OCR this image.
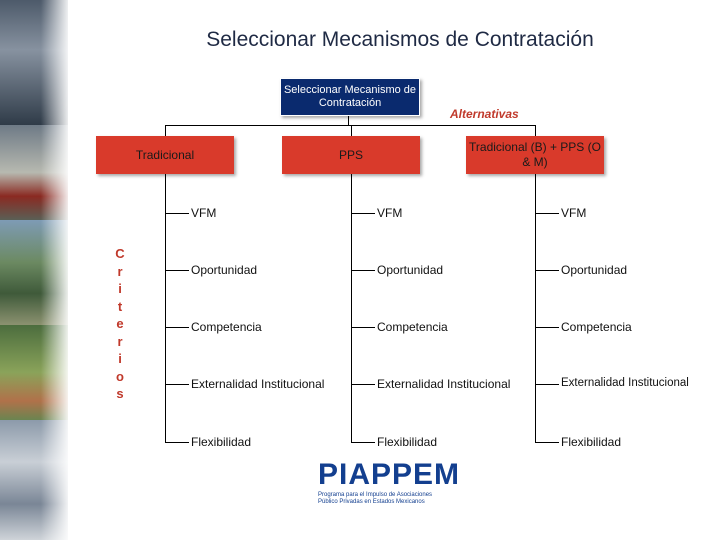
Seleccionar Mecanismos de Contratación
Seleccionar Mecanismo de Contratación
Alternativas
Tradicional	PPS
Tradicional (B) + PPS (O & M)
C
r
i
t
e
r
i
o
s
VFM
Oportunidad
Competencia
Externalidad Institucional
Flexibilidad
VFM
Oportunidad
Competencia
Externalidad Institucional
Flexibilidad
VFM
Oportunidad
Competencia
Externalidad Institucional
Flexibilidad
PIAPPEM
Programa para el Impulso de Asociaciones Público Privadas en Estados Mexicanos
